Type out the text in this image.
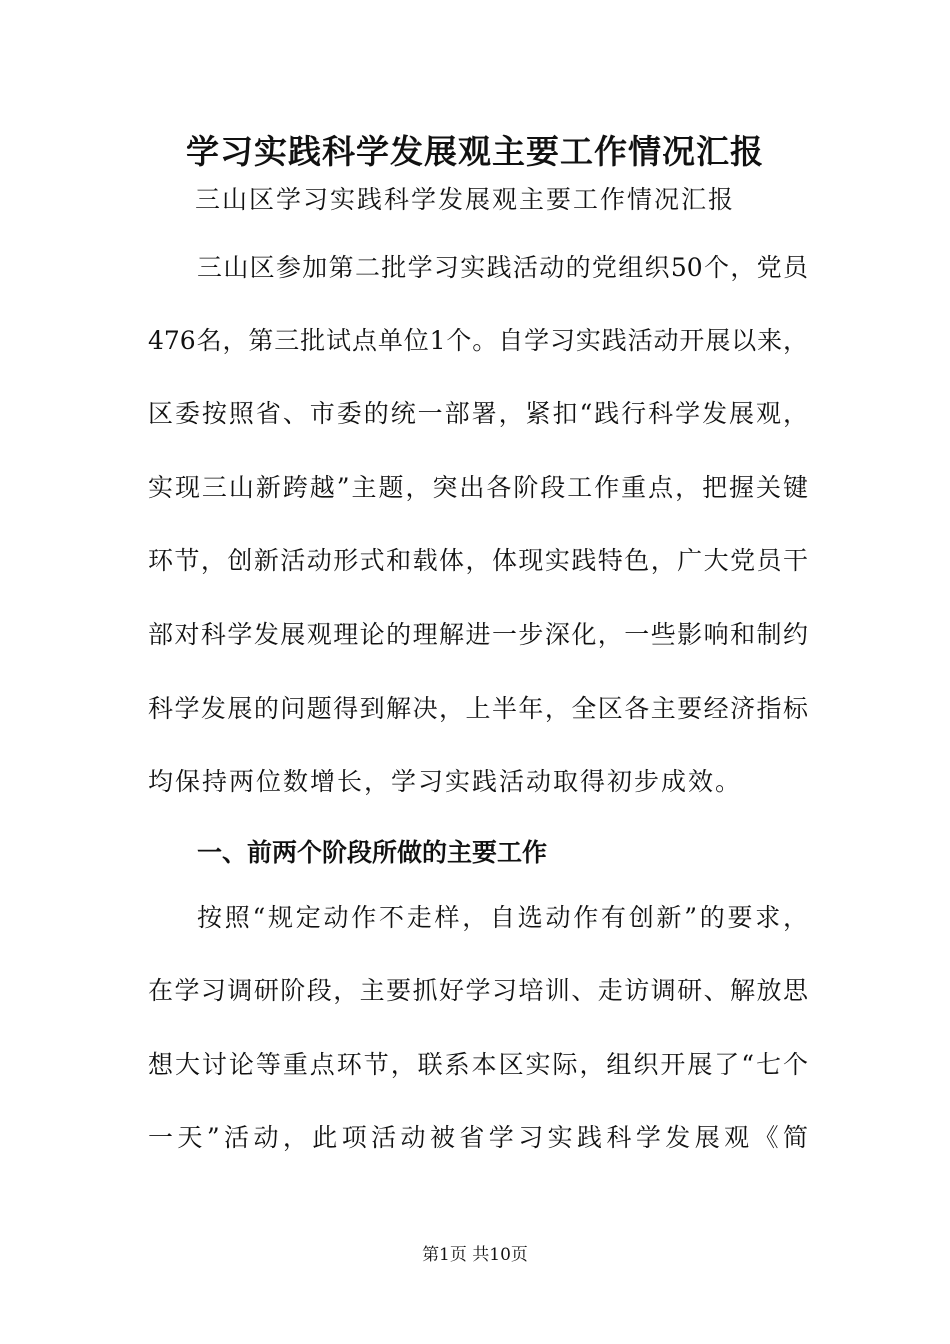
学习实践科学发展观主要工作情况汇报
三山区学习实践科学发展观主要工作情况汇报
三山区参加第二批学习实践活动的党组织50个，党员
476名，第三批试点单位1个。自学习实践活动开展以来，
区委按照省、市委的统一部署，紧扣“践行科学发展观，
实现三山新跨越”主题，突出各阶段工作重点，把握关键
环节，创新活动形式和载体，体现实践特色，广大党员干
部对科学发展观理论的理解进一步深化，一些影响和制约
科学发展的问题得到解决，上半年，全区各主要经济指标
均保持两位数增长，学习实践活动取得初步成效。
一、前两个阶段所做的主要工作
按照“规定动作不走样，自选动作有创新”的要求，
在学习调研阶段，主要抓好学习培训、走访调研、解放思
想大讨论等重点环节，联系本区实际，组织开展了“七个
一天”活动，此项活动被省学习实践科学发展观《简
第1页 共10页
